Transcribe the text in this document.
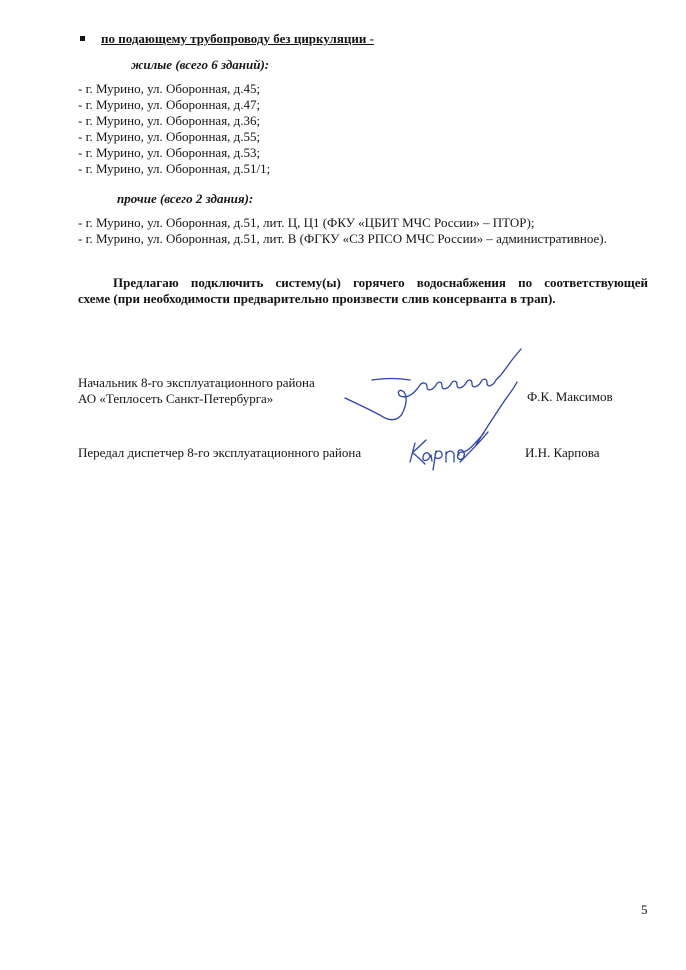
по подающему трубопроводу без циркуляции -
жилые (всего 6 зданий):
- г. Мурино, ул. Оборонная, д.45;
- г. Мурино, ул. Оборонная, д.47;
- г. Мурино, ул. Оборонная, д.36;
- г. Мурино, ул. Оборонная, д.55;
- г. Мурино, ул. Оборонная, д.53;
- г. Мурино, ул. Оборонная, д.51/1;
прочие (всего 2 здания):
- г. Мурино, ул. Оборонная, д.51, лит. Ц, Ц1 (ФКУ «ЦБИТ МЧС России» – ПТОР);
- г. Мурино, ул. Оборонная, д.51, лит. В (ФГКУ «СЗ РПСО МЧС России» – административное).
Предлагаю подключить систему(ы) горячего водоснабжения по соответствующей
схеме (при необходимости предварительно произвести слив консерванта в трап).
Начальник 8-го эксплуатационного района
АО «Теплосеть Санкт-Петербурга»	Ф.К. Максимов
Передал диспетчер 8-го эксплуатационного района	И.Н. Карпова
5
